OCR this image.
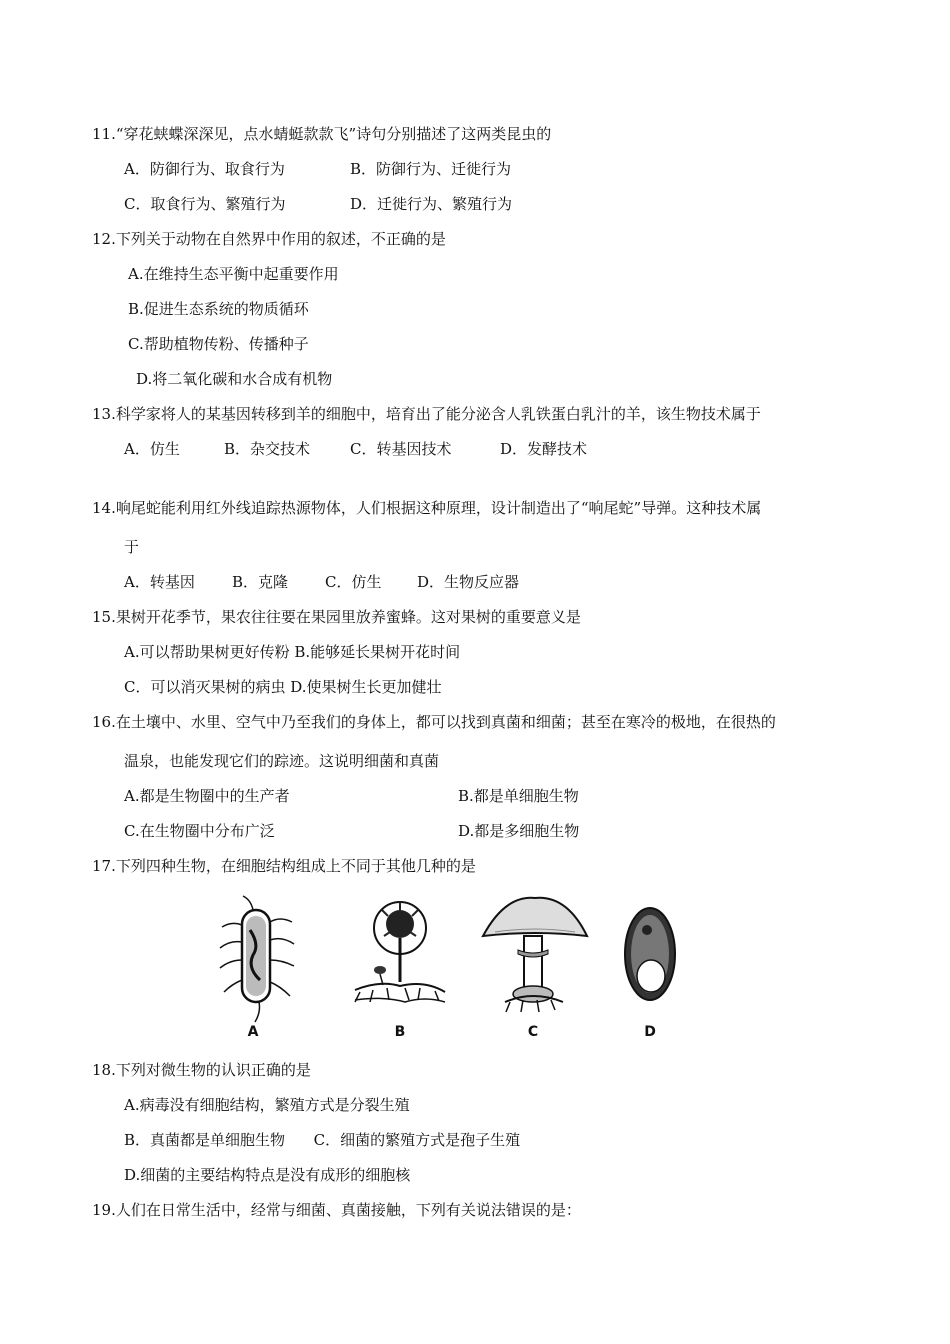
11.“穿花蛱蝶深深见，点水蜻蜓款款飞”诗句分别描述了这两类昆虫的
A．防御行为、取食行为	B．防御行为、迁徙行为
C．取食行为、繁殖行为	D．迁徙行为、繁殖行为
12.下列关于动物在自然界中作用的叙述，不正确的是
A.在维持生态平衡中起重要作用
B.促进生态系统的物质循环
C.帮助植物传粉、传播种子
D.将二氧化碳和水合成有机物
13.科学家将人的某基因转移到羊的细胞中，培育出了能分泌含人乳铁蛋白乳汁的羊，该生物技术属于
A．仿生	B．杂交技术	C．转基因技术	D．发酵技术
14.响尾蛇能利用红外线追踪热源物体，人们根据这种原理，设计制造出了“响尾蛇”导弹。这种技术属
于
A．转基因 B．克隆 C．仿生 D．生物反应器
15.果树开花季节，果农往往要在果园里放养蜜蜂。这对果树的重要意义是
A.可以帮助果树更好传粉 B.能够延长果树开花时间
C．可以消灭果树的病虫 D.使果树生长更加健壮
16.在土壤中、水里、空气中乃至我们的身体上，都可以找到真菌和细菌；甚至在寒冷的极地，在很热的
温泉，也能发现它们的踪迹。这说明细菌和真菌
A.都是生物圈中的生产者	B.都是单细胞生物
C.在生物圈中分布广泛	D.都是多细胞生物
17.下列四种生物，在细胞结构组成上不同于其他几种的是
A	B	C	D
18.下列对微生物的认识正确的是
A.病毒没有细胞结构，繁殖方式是分裂生殖
B．真菌都是单细胞生物      C．细菌的繁殖方式是孢子生殖
D.细菌的主要结构特点是没有成形的细胞核
19.人们在日常生活中，经常与细菌、真菌接触，下列有关说法错误的是：
